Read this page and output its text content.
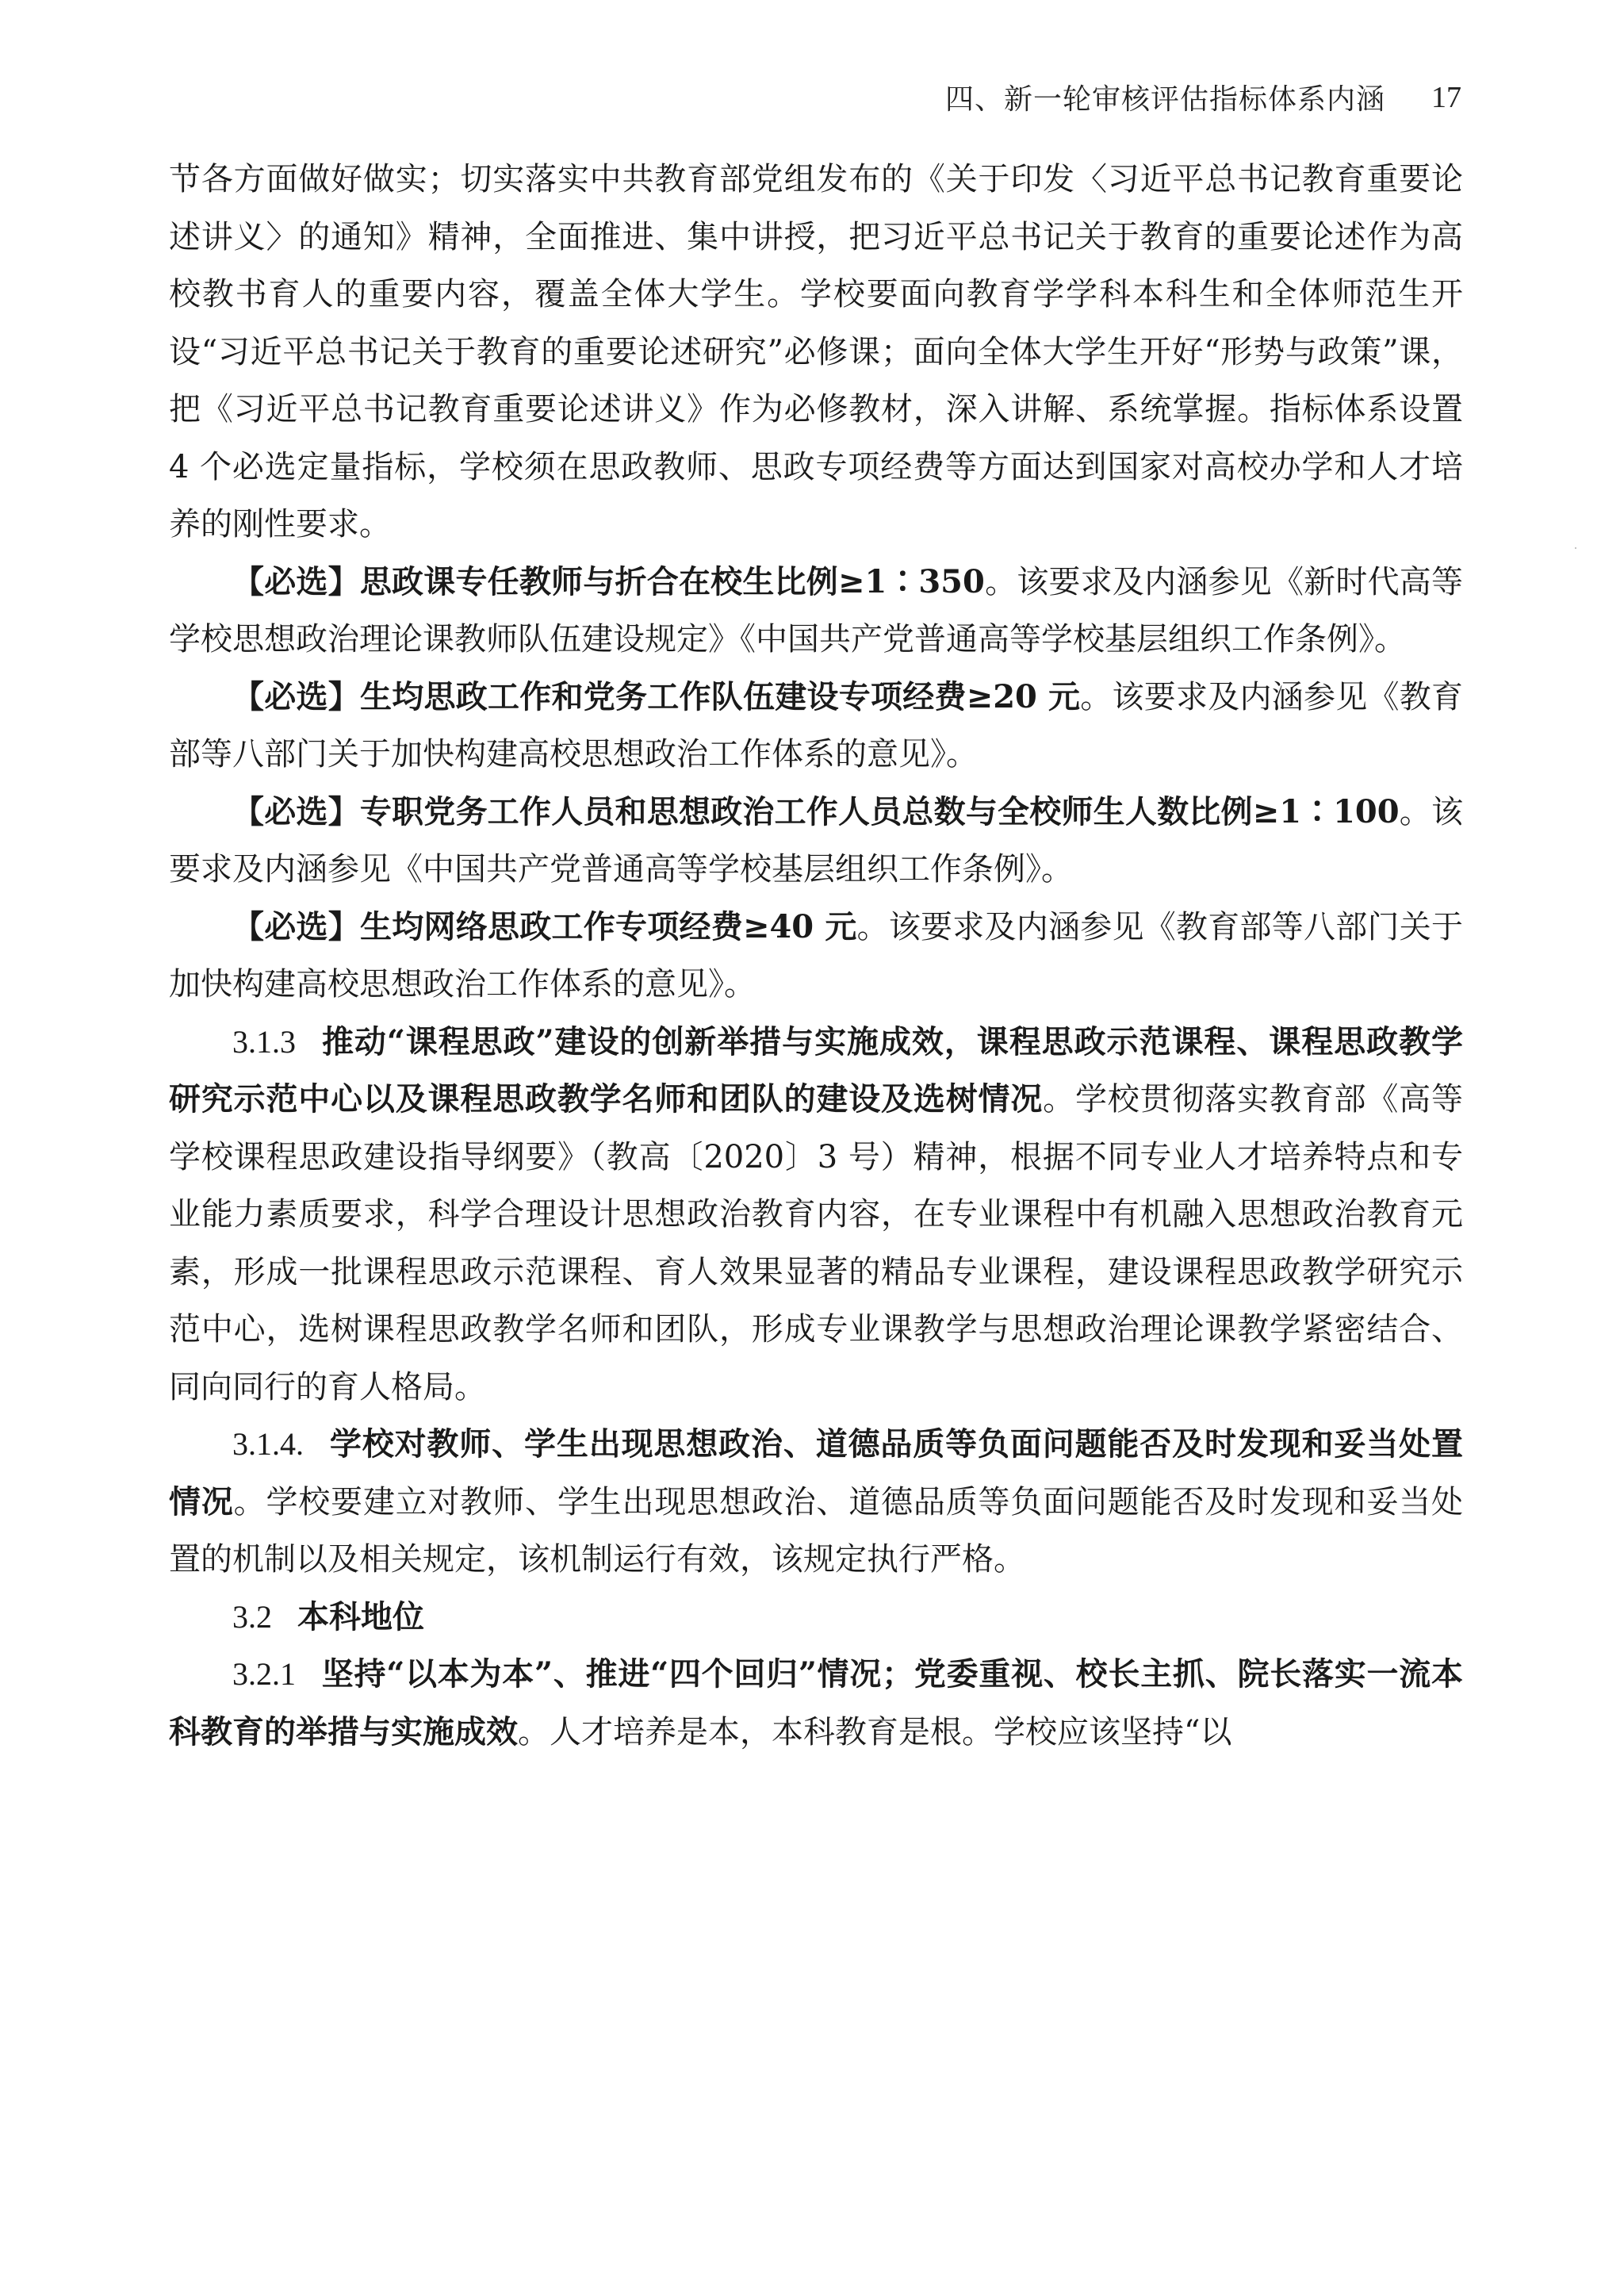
四、新一轮审核评估指标体系内涵 17

节各方面做好做实；切实落实中共教育部党组发布的《关于印发〈习近平总书记教育重要论述讲义〉的通知》精神，全面推进、集中讲授，把习近平总书记关于教育的重要论述作为高校教书育人的重要内容，覆盖全体大学生。学校要面向教育学学科本科生和全体师范生开设“习近平总书记关于教育的重要论述研究”必修课；面向全体大学生开好“形势与政策”课，把《习近平总书记教育重要论述讲义》作为必修教材，深入讲解、系统掌握。指标体系设置 4 个必选定量指标，学校须在思政教师、思政专项经费等方面达到国家对高校办学和人才培养的刚性要求。

【必选】思政课专任教师与折合在校生比例≥1∶350。该要求及内涵参见《新时代高等学校思想政治理论课教师队伍建设规定》《中国共产党普通高等学校基层组织工作条例》。

【必选】生均思政工作和党务工作队伍建设专项经费≥20 元。该要求及内涵参见《教育部等八部门关于加快构建高校思想政治工作体系的意见》。

【必选】专职党务工作人员和思想政治工作人员总数与全校师生人数比例≥1∶100。该要求及内涵参见《中国共产党普通高等学校基层组织工作条例》。

【必选】生均网络思政工作专项经费≥40 元。该要求及内涵参见《教育部等八部门关于加快构建高校思想政治工作体系的意见》。

3.1.3 推动“课程思政”建设的创新举措与实施成效，课程思政示范课程、课程思政教学研究示范中心以及课程思政教学名师和团队的建设及选树情况。学校贯彻落实教育部《高等学校课程思政建设指导纲要》（教高〔2020〕3 号）精神，根据不同专业人才培养特点和专业能力素质要求，科学合理设计思想政治教育内容，在专业课程中有机融入思想政治教育元素，形成一批课程思政示范课程、育人效果显著的精品专业课程，建设课程思政教学研究示范中心，选树课程思政教学名师和团队，形成专业课教学与思想政治理论课教学紧密结合、同向同行的育人格局。

3.1.4. 学校对教师、学生出现思想政治、道德品质等负面问题能否及时发现和妥当处置情况。学校要建立对教师、学生出现思想政治、道德品质等负面问题能否及时发现和妥当处置的机制以及相关规定，该机制运行有效，该规定执行严格。

3.2 本科地位

3.2.1 坚持“以本为本”、推进“四个回归”情况；党委重视、校长主抓、院长落实一流本科教育的举措与实施成效。人才培养是本，本科教育是根。学校应该坚持“以
